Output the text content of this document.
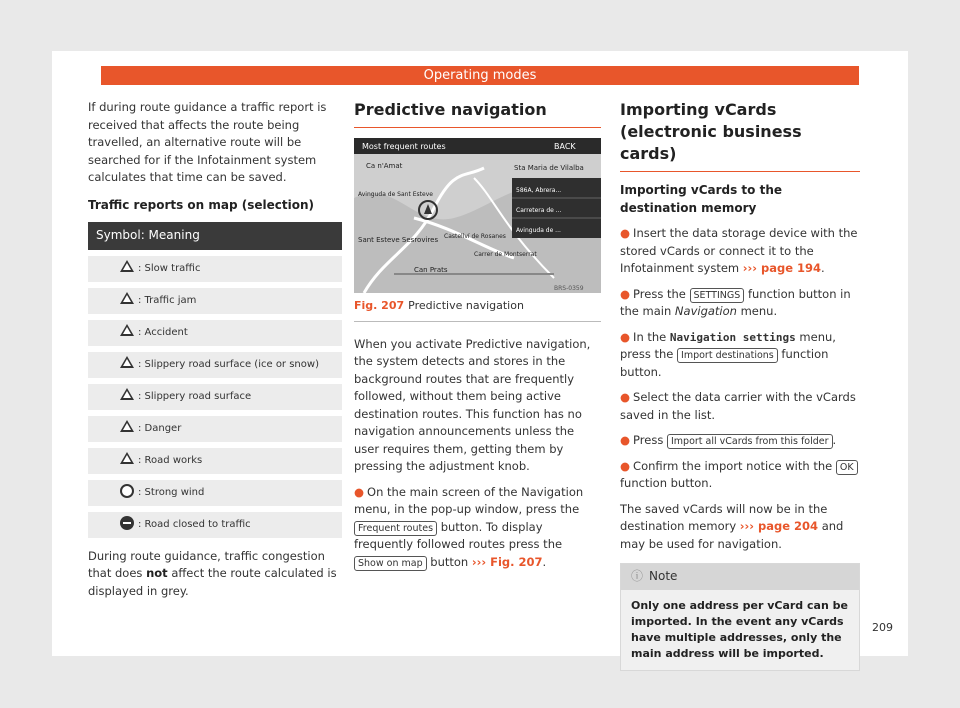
Operating modes

If during route guidance a traffic report is received that affects the route being travelled, an alternative route will be searched for if the Infotainment system calculates that time can be saved.

Traffic reports on map (selection)
Symbol: Meaning
: Slow traffic
: Traffic jam
: Accident
: Slippery road surface (ice or snow)
: Slippery road surface
: Danger
: Road works
: Strong wind
: Road closed to traffic

During route guidance, traffic congestion that does not affect the route calculated is displayed in grey.

Predictive navigation
BRS-0359
Most frequent routes	BACK
586A, Abrera...
Carretera de ...
Avinguda de ...
Ca n'Amat	Sta Maria de Vilalba
Avinguda de Sant Esteve
Sant Esteve Sesrovires Castellví de Rosanes
Can Prats
Carrer de Montserrat
Fig. 207 Predictive navigation

When you activate Predictive navigation, the system detects and stores in the background routes that are frequently followed, without them being active destination routes. This function has no navigation announcements unless the user requires them, getting them by pressing the adjustment knob.

● On the main screen of the Navigation menu, in the pop-up window, press the Frequent routes button. To display frequently followed routes press the Show on map button ››› Fig. 207.

Importing vCards (electronic business cards)
Importing vCards to the destination memory

● Insert the data storage device with the stored vCards or connect it to the Infotainment system ››› page 194.

● Press the SETTINGS function button in the main Navigation menu.

● In the Navigation settings menu, press the Import destinations function button.

● Select the data carrier with the vCards saved in the list.

● Press Import all vCards from this folder .

● Confirm the import notice with the OK function button.

The saved vCards will now be in the destination memory ››› page 204 and may be used for navigation.

ⓘ Note
Only one address per vCard can be imported. In the event any vCards have multiple addresses, only the main address will be imported.
209
